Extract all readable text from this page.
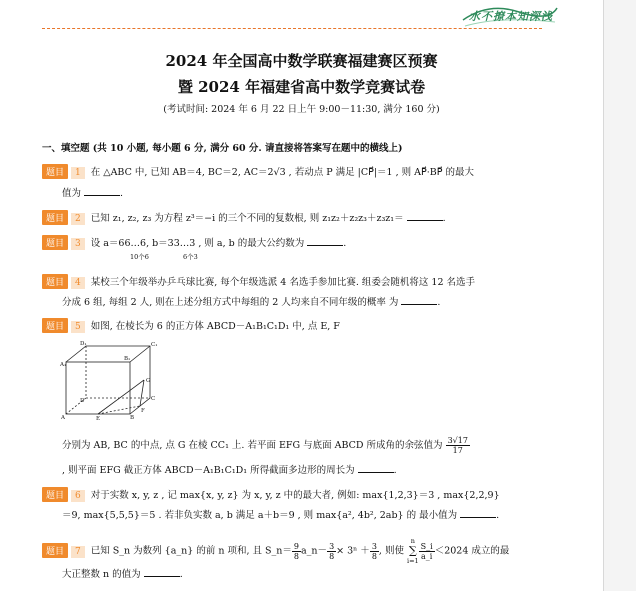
水不撩本知深浅
2024 年全国高中数学联赛福建赛区预赛
暨 2024 年福建省高中数学竞赛试卷
(考试时间: 2024 年 6 月 22 日上午 9:00－11:30, 满分 160 分)
一、填空题 (共 10 小题, 每小题 6 分, 满分 60 分. 请直接将答案写在题中的横线上)
题目 1 在 △ABC 中, 已知 AB＝4, BC＝2, AC＝2√3 , 若动点 P 满足 |CP⃗|＝1 , 则 AP⃗·BP⃗ 的最大
值为	.
题目 2 已知 z₁, z₂, z₃ 为方程 z³＝−i 的三个不同的复数根, 则 z₁z₂＋z₂z₃＋z₃z₁＝	.
题目 3 设 a＝66…6, b＝33…3 , 则 a, b 的最大公约数为	.
10个6	6个3
题目 4 某校三个年级举办乒乓球比赛, 每个年级选派 4 名选手参加比赛. 组委会随机将这 12 名选手
分成 6 组, 每组 2 人, 则在上述分组方式中每组的 2 人均来自不同年级的概率 为	.
题目 5 如图, 在棱长为 6 的正方体 ABCD－A₁B₁C₁D₁ 中, 点 E, F
D₁	C₁
A₁
B₁
D	C
A	B
E
F
G
分别为 AB, BC 的中点, 点 G 在棱 CC₁ 上. 若平面 EFG 与底面 ABCD 所成角的余弦值为 $\frac{3√17}{17}$
, 则平面 EFG 截正方体 ABCD－A₁B₁C₁D₁ 所得截面多边形的周长为	.
题目 6 对于实数 x, y, z , 记 max{x, y, z} 为 x, y, z 中的最大者, 例如: max{1,2,3}＝3 , max{2,2,9}
＝9, max{5,5,5}＝5 . 若非负实数 a, b 满足 a＋b＝9 , 则 max{a², 4b², 2ab} 的 最小值为	.
题目 7 已知 S_n 为数列 {a_n} 的前 n 项和, 且 S_n＝ $\frac{9}{8}a\_n- \frac{3}{8}\times 3^n + \frac{3}{8}$, 则使 n
∑
i=1
$\frac{S\_i}{a\_i}<2024$ 成立的最
大正整数 n 的值为	.
